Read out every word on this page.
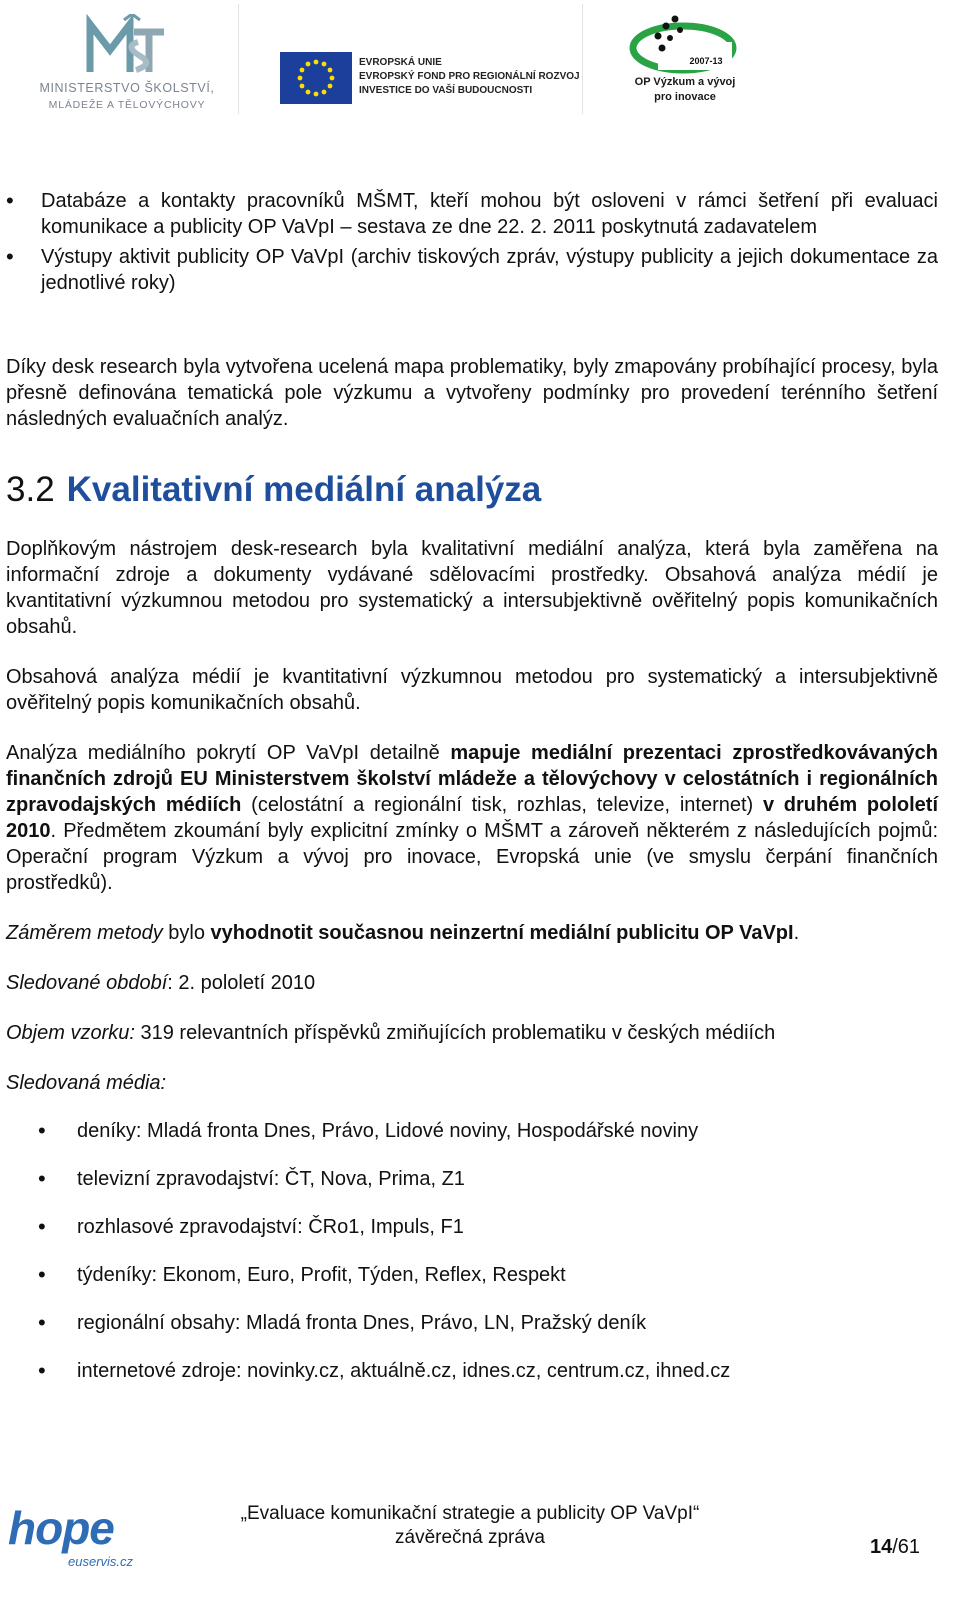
MINISTERSTVO ŠKOLSTVÍ,
MLÁDEŽE A TĚLOVÝCHOVY
EVROPSKÁ UNIE
EVROPSKÝ FOND PRO REGIONÁLNÍ ROZVOJ
INVESTICE DO VAŠÍ BUDOUCNOSTI
2007-13
OP Výzkum a vývoj
pro inovace
• Databáze a kontakty pracovníků MŠMT, kteří mohou být osloveni v rámci šetření při evaluaci komunikace a publicity OP VaVpI – sestava ze dne 22. 2. 2011 poskytnutá zadavatelem
• Výstupy aktivit publicity OP VaVpI (archiv tiskových zpráv, výstupy publicity a jejich dokumentace za jednotlivé roky)

Díky desk research byla vytvořena ucelená mapa problematiky, byly zmapovány probíhající procesy, byla přesně definována tematická pole výzkumu a vytvořeny podmínky pro provedení terénního šetření následných evaluačních analýz.

3.2 Kvalitativní mediální analýza

Doplňkovým nástrojem desk-research byla kvalitativní mediální analýza, která byla zaměřena na informační zdroje a dokumenty vydávané sdělovacími prostředky. Obsahová analýza médií je kvantitativní výzkumnou metodou pro systematický a intersubjektivně ověřitelný popis komunikačních obsahů.

Obsahová analýza médií je kvantitativní výzkumnou metodou pro systematický a intersubjektivně ověřitelný popis komunikačních obsahů.

Analýza mediálního pokrytí OP VaVpI detailně mapuje mediální prezentaci zprostředkovávaných finančních zdrojů EU Ministerstvem školství mládeže a tělovýchovy v celostátních i regionálních zpravodajských médiích (celostátní a regionální tisk, rozhlas, televize, internet) v druhém pololetí 2010. Předmětem zkoumání byly explicitní zmínky o MŠMT a zároveň některém z následujících pojmů: Operační program Výzkum a vývoj pro inovace, Evropská unie (ve smyslu čerpání finančních prostředků).

Záměrem metody bylo vyhodnotit současnou neinzertní mediální publicitu OP VaVpI.

Sledované období: 2. pololetí 2010

Objem vzorku: 319 relevantních příspěvků zmiňujících problematiku v českých médiích

Sledovaná média:

• deníky: Mladá fronta Dnes, Právo, Lidové noviny, Hospodářské noviny
• televizní zpravodajství: ČT, Nova, Prima, Z1
• rozhlasové zpravodajství: ČRo1, Impuls, F1
• týdeníky: Ekonom, Euro, Profit, Týden, Reflex, Respekt
• regionální obsahy: Mladá fronta Dnes, Právo, LN, Pražský deník
• internetové zdroje: novinky.cz, aktuálně.cz, idnes.cz, centrum.cz, ihned.cz
hope
euservis.cz
„Evaluace komunikační strategie a publicity OP VaVpI“
závěrečná zpráva	14/61
